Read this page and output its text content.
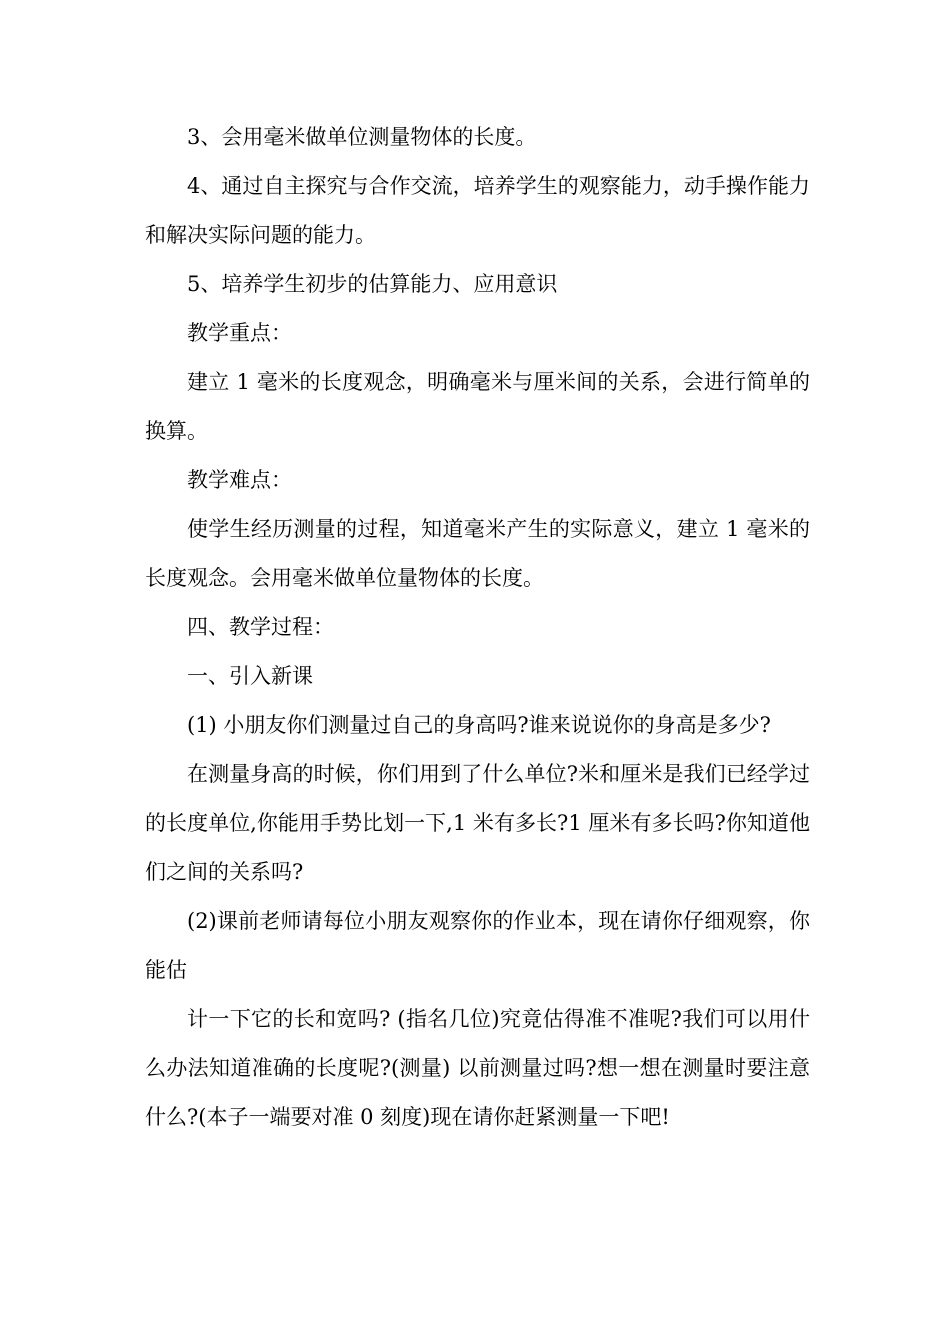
3、会用毫米做单位测量物体的长度。

4、通过自主探究与合作交流，培养学生的观察能力，动手操作能力和解决实际问题的能力。

5、培养学生初步的估算能力、应用意识

教学重点：

建立 1 毫米的长度观念，明确毫米与厘米间的关系，会进行简单的换算。

教学难点：

使学生经历测量的过程，知道毫米产生的实际意义，建立 1 毫米的长度观念。会用毫米做单位量物体的长度。

四、教学过程：

一、引入新课

(1) 小朋友你们测量过自己的身高吗?谁来说说你的身高是多少?

在测量身高的时候，你们用到了什么单位?米和厘米是我们已经学过的长度单位,你能用手势比划一下,1 米有多长?1 厘米有多长吗?你知道他们之间的关系吗?

(2)课前老师请每位小朋友观察你的作业本，现在请你仔细观察，你能估

计一下它的长和宽吗? (指名几位)究竟估得准不准呢?我们可以用什么办法知道准确的长度呢?(测量) 以前测量过吗?想一想在测量时要注意什么?(本子一端要对准 0 刻度)现在请你赶紧测量一下吧!
